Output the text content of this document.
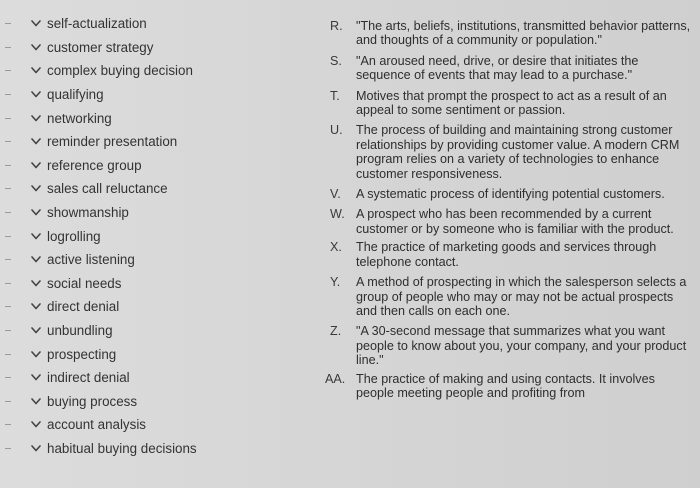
self-actualization
customer strategy
complex buying decision
qualifying
networking
reminder presentation
reference group
sales call reluctance
showmanship
logrolling
active listening
social needs
direct denial
unbundling
prospecting
indirect denial
buying process
account analysis
habitual buying decisions
R.	"The arts, beliefs, institutions, transmitted behavior patterns, and thoughts of a community or population."
S.	"An aroused need, drive, or desire that initiates the sequence of events that may lead to a purchase."
T.	Motives that prompt the prospect to act as a result of an appeal to some sentiment or passion.
U.	The process of building and maintaining strong customer relationships by providing customer value. A modern CRM program relies on a variety of technologies to enhance customer responsiveness.
V.	A systematic process of identifying potential customers.
W. A prospect who has been recommended by a current customer or by someone who is familiar with the product.
X.	The practice of marketing goods and services through telephone contact.
Y.	A method of prospecting in which the salesperson selects a group of people who may or may not be actual prospects and then calls on each one.
Z.	"A 30-second message that summarizes what you want people to know about you, your company, and your product line."
AA. The practice of making and using contacts. It involves people meeting people and profiting from
